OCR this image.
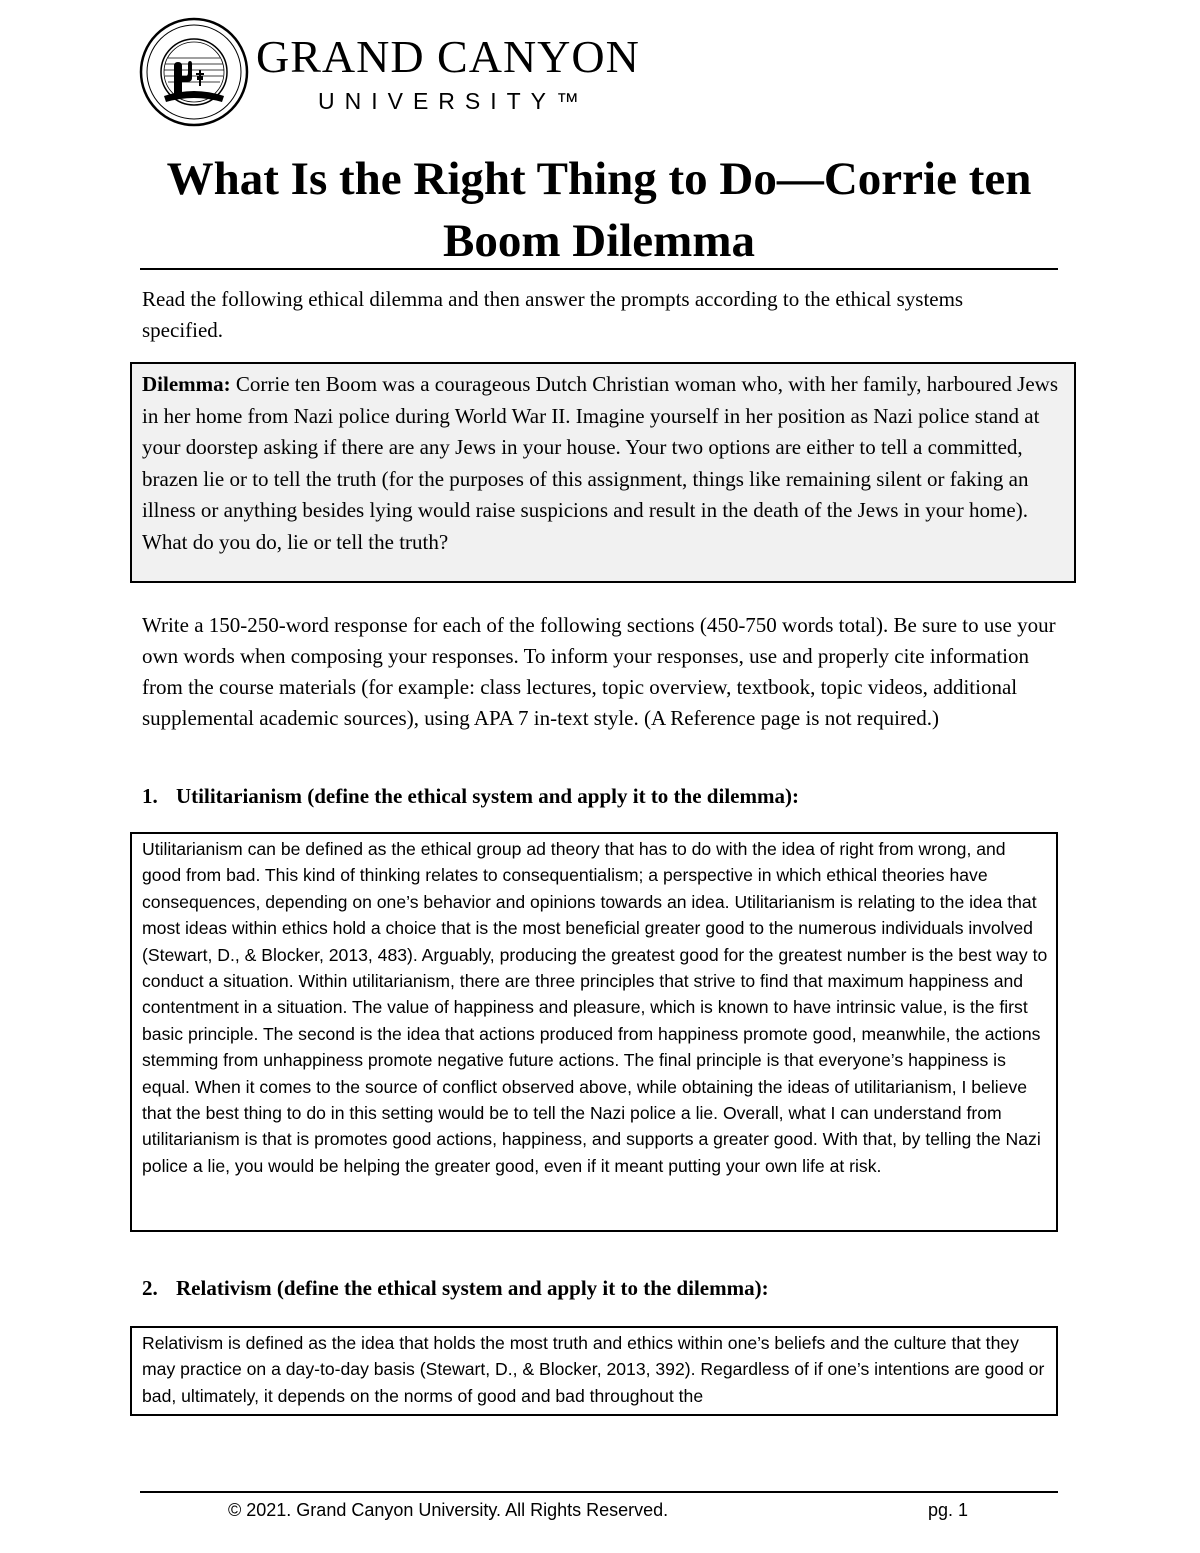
GRAND CANYON
UNIVERSITY™
What Is the Right Thing to Do—Corrie ten Boom Dilemma

Read the following ethical dilemma and then answer the prompts according to the ethical systems specified.

Dilemma: Corrie ten Boom was a courageous Dutch Christian woman who, with her family, harboured Jews in her home from Nazi police during World War II. Imagine yourself in her position as Nazi police stand at your doorstep asking if there are any Jews in your house. Your two options are either to tell a committed, brazen lie or to tell the truth (for the purposes of this assignment, things like remaining silent or faking an illness or anything besides lying would raise suspicions and result in the death of the Jews in your home). What do you do, lie or tell the truth?

Write a 150-250-word response for each of the following sections (450-750 words total). Be sure to use your own words when composing your responses. To inform your responses, use and properly cite information from the course materials (for example: class lectures, topic overview, textbook, topic videos, additional supplemental academic sources), using APA 7 in-text style. (A Reference page is not required.)

1. Utilitarianism (define the ethical system and apply it to the dilemma):

Utilitarianism can be defined as the ethical group ad theory that has to do with the idea of right from wrong, and good from bad. This kind of thinking relates to consequentialism; a perspective in which ethical theories have consequences, depending on one’s behavior and opinions towards an idea. Utilitarianism is relating to the idea that most ideas within ethics hold a choice that is the most beneficial greater good to the numerous individuals involved (Stewart, D., & Blocker, 2013, 483). Arguably, producing the greatest good for the greatest number is the best way to conduct a situation. Within utilitarianism, there are three principles that strive to find that maximum happiness and contentment in a situation. The value of happiness and pleasure, which is known to have intrinsic value, is the first basic principle. The second is the idea that actions produced from happiness promote good, meanwhile, the actions stemming from unhappiness promote negative future actions. The final principle is that everyone’s happiness is equal. When it comes to the source of conflict observed above, while obtaining the ideas of utilitarianism, I believe that the best thing to do in this setting would be to tell the Nazi police a lie. Overall, what I can understand from utilitarianism is that is promotes good actions, happiness, and supports a greater good. With that, by telling the Nazi police a lie, you would be helping the greater good, even if it meant putting your own life at risk.

2. Relativism (define the ethical system and apply it to the dilemma):

Relativism is defined as the idea that holds the most truth and ethics within one’s beliefs and the culture that they may practice on a day-to-day basis (Stewart, D., & Blocker, 2013, 392). Regardless of if one’s intentions are good or bad, ultimately, it depends on the norms of good and bad throughout the
© 2021. Grand Canyon University. All Rights Reserved.	pg. 1
